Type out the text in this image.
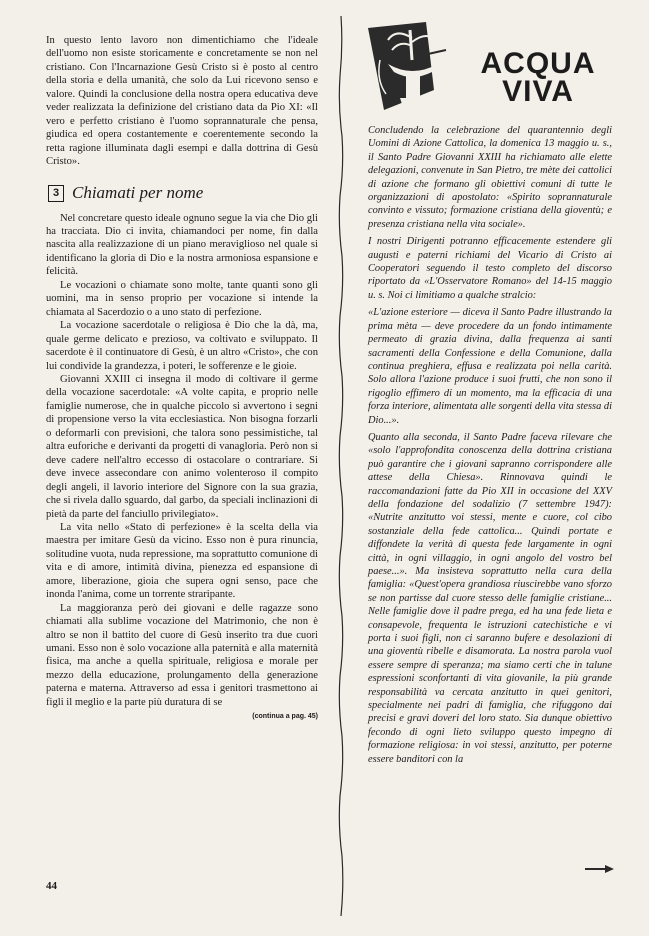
In questo lento lavoro non dimentichiamo che l'ideale dell'uomo non esiste storicamente e concretamente se non nel cristiano. Con l'Incarnazione Gesù Cristo si è posto al centro della storia e della umanità, che solo da Lui ricevono senso e valore. Quindi la conclusione della nostra opera educativa deve veder realizzata la definizione del cristiano data da Pio XI: «Il vero e perfetto cristiano è l'uomo soprannaturale che pensa, giudica ed opera costantemente e coerentemente secondo la retta ragione illuminata dagli esempi e dalla dottrina di Gesù Cristo».

3 Chiamati per nome

Nel concretare questo ideale ognuno segue la via che Dio gli ha tracciata. Dio ci invita, chiamandoci per nome, fin dalla nascita alla realizzazione di un piano meraviglioso nel quale si identificano la gloria di Dio e la nostra armoniosa espansione e felicità.

Le vocazioni o chiamate sono molte, tante quanti sono gli uomini, ma in senso proprio per vocazione si intende la chiamata al Sacerdozio o a uno stato di perfezione.

La vocazione sacerdotale o religiosa è Dio che la dà, ma, quale germe delicato e prezioso, va coltivato e sviluppato. Il sacerdote è il continuatore di Gesù, è un altro «Cristo», che con lui condivide la grandezza, i poteri, le sofferenze e le gioie.

Giovanni XXIII ci insegna il modo di coltivare il germe della vocazione sacerdotale: «A volte capita, e proprio nelle famiglie numerose, che in qualche piccolo si avvertono i segni di propensione verso la vita ecclesiastica. Non bisogna forzarli o deformarli con previsioni, che talora sono pessimistiche, tal altra euforiche e derivanti da progetti di vanagloria. Però non si deve cadere nell'altro eccesso di ostacolare o contrariare. Si deve invece assecondare con animo volenteroso il compito degli angeli, il lavorio interiore del Signore con la sua grazia, che si rivela dallo sguardo, dal garbo, da speciali inclinazioni di pietà da parte del fanciullo privilegiato».

La vita nello «Stato di perfezione» è la scelta della via maestra per imitare Gesù da vicino. Esso non è pura rinuncia, solitudine vuota, nuda repressione, ma soprattutto comunione di vita e di amore, intimità divina, pienezza ed espansione di amore, liberazione, gioia che supera ogni senso, pace che inonda l'anima, come un torrente straripante.

La maggioranza però dei giovani e delle ragazze sono chiamati alla sublime vocazione del Matrimonio, che non è altro se non il battito del cuore di Gesù inserito tra due cuori umani. Esso non è solo vocazione alla paternità e alla maternità fisica, ma anche a quella spirituale, religiosa e morale per mezzo della educazione, prolungamento della generazione paterna e materna. Attraverso ad essa i genitori trasmettono ai figli il meglio e la parte più duratura di se

(continua a pag. 45)
44
ACQUA
VIVA

Concludendo la celebrazione del quarantennio degli Uomini di Azione Cattolica, la domenica 13 maggio u. s., il Santo Padre Giovanni XXIII ha richiamato alle elette delegazioni, convenute in San Pietro, tre mète dei cattolici di azione che formano gli obiettivi comuni di tutte le organizzazioni di apostolato: «Spirito soprannaturale convinto e vissuto; formazione cristiana della gioventù; e presenza cristiana nella vita sociale».

I nostri Dirigenti potranno efficacemente estendere gli augusti e paterni richiami del Vicario di Cristo ai Cooperatori seguendo il testo completo del discorso riportato da «L'Osservatore Romano» del 14-15 maggio u. s. Noi ci limitiamo a qualche stralcio:

«L'azione esteriore — diceva il Santo Padre illustrando la prima mèta — deve procedere da un fondo intimamente permeato di grazia divina, dalla frequenza ai santi sacramenti della Confessione e della Comunione, dalla continua preghiera, effusa e realizzata poi nella carità. Solo allora l'azione produce i suoi frutti, che non sono il rigoglio effimero di un momento, ma la efficacia di una forza interiore, alimentata alle sorgenti della vita stessa di Dio...».

Quanto alla seconda, il Santo Padre faceva rilevare che «solo l'approfondita conoscenza della dottrina cristiana può garantire che i giovani sapranno corrispondere alle attese della Chiesa». Rinnovava quindi le raccomandazioni fatte da Pio XII in occasione del XXV della fondazione del sodalizio (7 settembre 1947): «Nutrite anzitutto voi stessi, mente e cuore, col cibo sostanziale della fede cattolica... Quindi portate e diffondete la verità di questa fede largamente in ogni città, in ogni villaggio, in ogni angolo del vostro bel paese...». Ma insisteva soprattutto nella cura della famiglia: «Quest'opera grandiosa riuscirebbe vano sforzo se non partisse dal cuore stesso delle famiglie cristiane... Nelle famiglie dove il padre prega, ed ha una fede lieta e consapevole, frequenta le istruzioni catechistiche e vi porta i suoi figli, non ci saranno bufere e desolazioni di una gioventù ribelle e disamorata. La nostra parola vuol essere sempre di speranza; ma siamo certi che in talune espressioni sconfortanti di vita giovanile, la più grande responsabilità va cercata anzitutto in quei genitori, specialmente nei padri di famiglia, che rifuggono dai precisi e gravi doveri del loro stato. Sia dunque obiettivo fecondo di ogni lieto sviluppo questo impegno di formazione religiosa: in voi stessi, anzitutto, per poterne essere banditori con la
